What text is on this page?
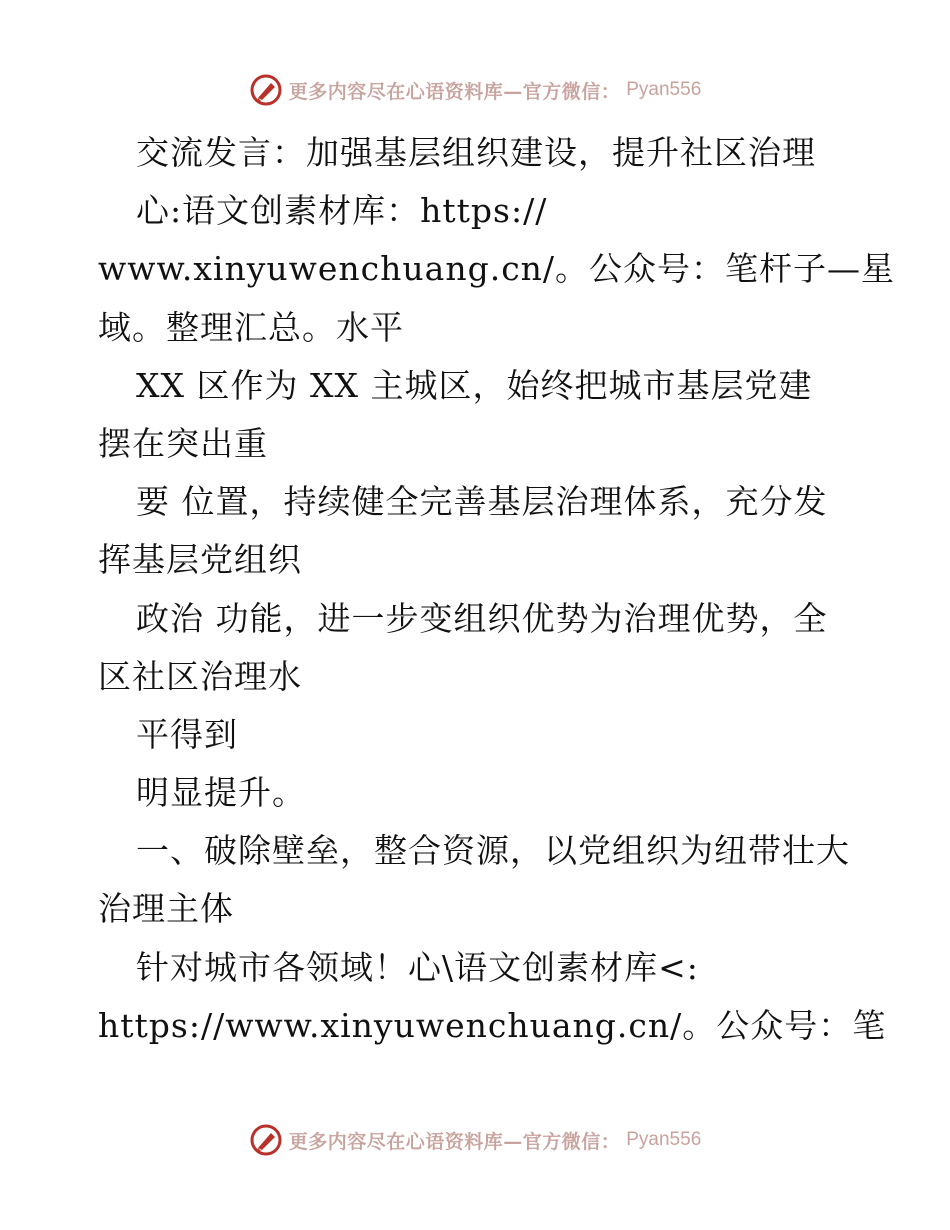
更多内容尽在心语资料库—官方微信： Pyan556
交流发言：加强基层组织建设，提升社区治理
心:语文创素材库：https://
www.xinyuwenchuang.cn/。公众号：笔杆子—星
域。整理汇总。水平
XX 区作为 XX 主城区，始终把城市基层党建
摆在突出重
要 位置，持续健全完善基层治理体系，充分发
挥基层党组织
政治 功能，进一步变组织优势为治理优势，全
区社区治理水
平得到
明显提升。
一、破除壁垒，整合资源，以党组织为纽带壮大
治理主体
针对城市各领域！心\语文创素材库<:
https://www.xinyuwenchuang.cn/。公众号：笔
更多内容尽在心语资料库—官方微信： Pyan556
